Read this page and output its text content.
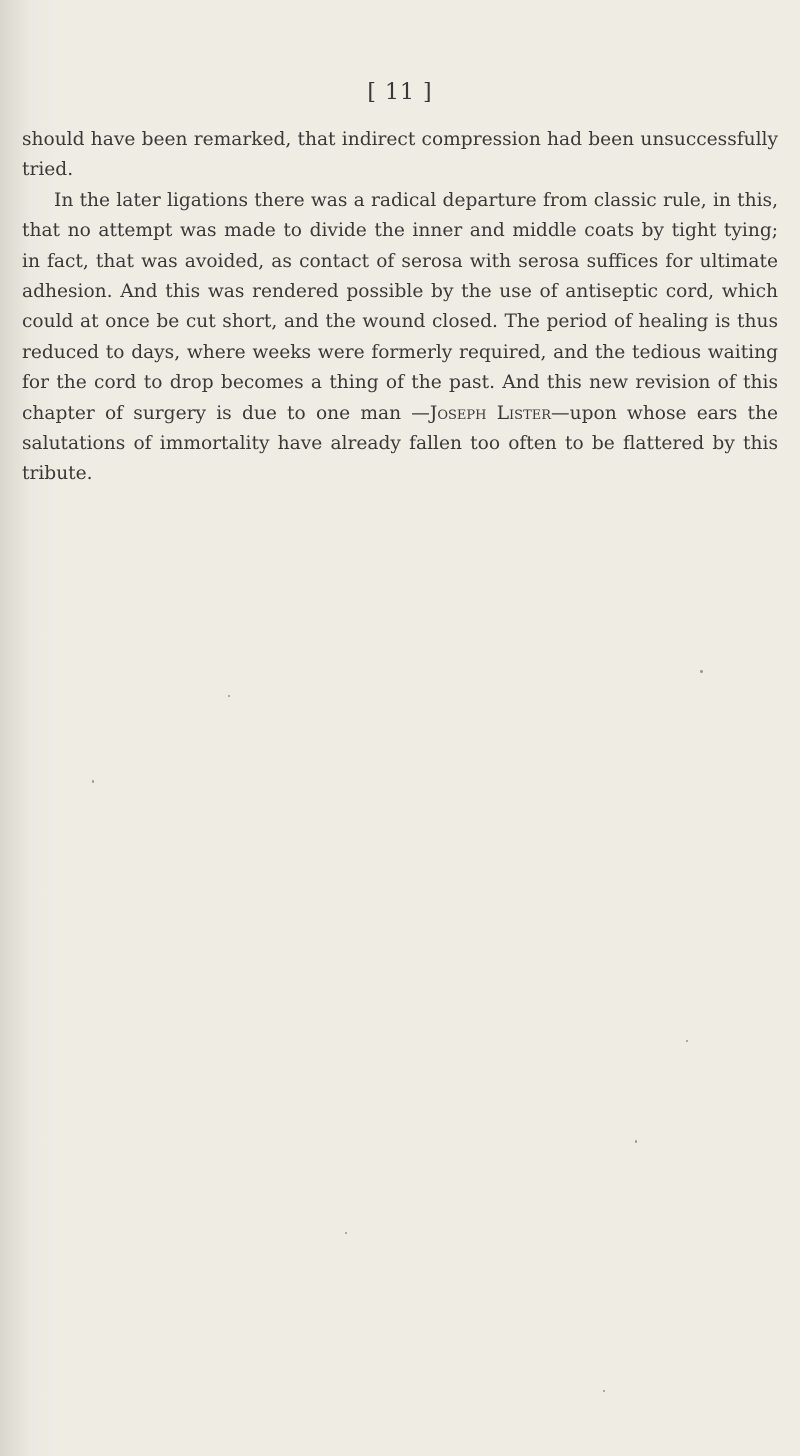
[ 11 ]

should have been remarked, that indirect compression had been unsuccessfully tried.

In the later ligations there was a radical departure from classic rule, in this, that no attempt was made to divide the inner and middle coats by tight tying; in fact, that was avoided, as contact of serosa with serosa suffices for ultimate adhesion. And this was rendered possible by the use of antiseptic cord, which could at once be cut short, and the wound closed. The period of healing is thus reduced to days, where weeks were formerly required, and the tedious waiting for the cord to drop becomes a thing of the past. And this new revision of this chapter of surgery is due to one man —Joseph Lister—upon whose ears the salutations of immortality have already fallen too often to be flattered by this tribute.
